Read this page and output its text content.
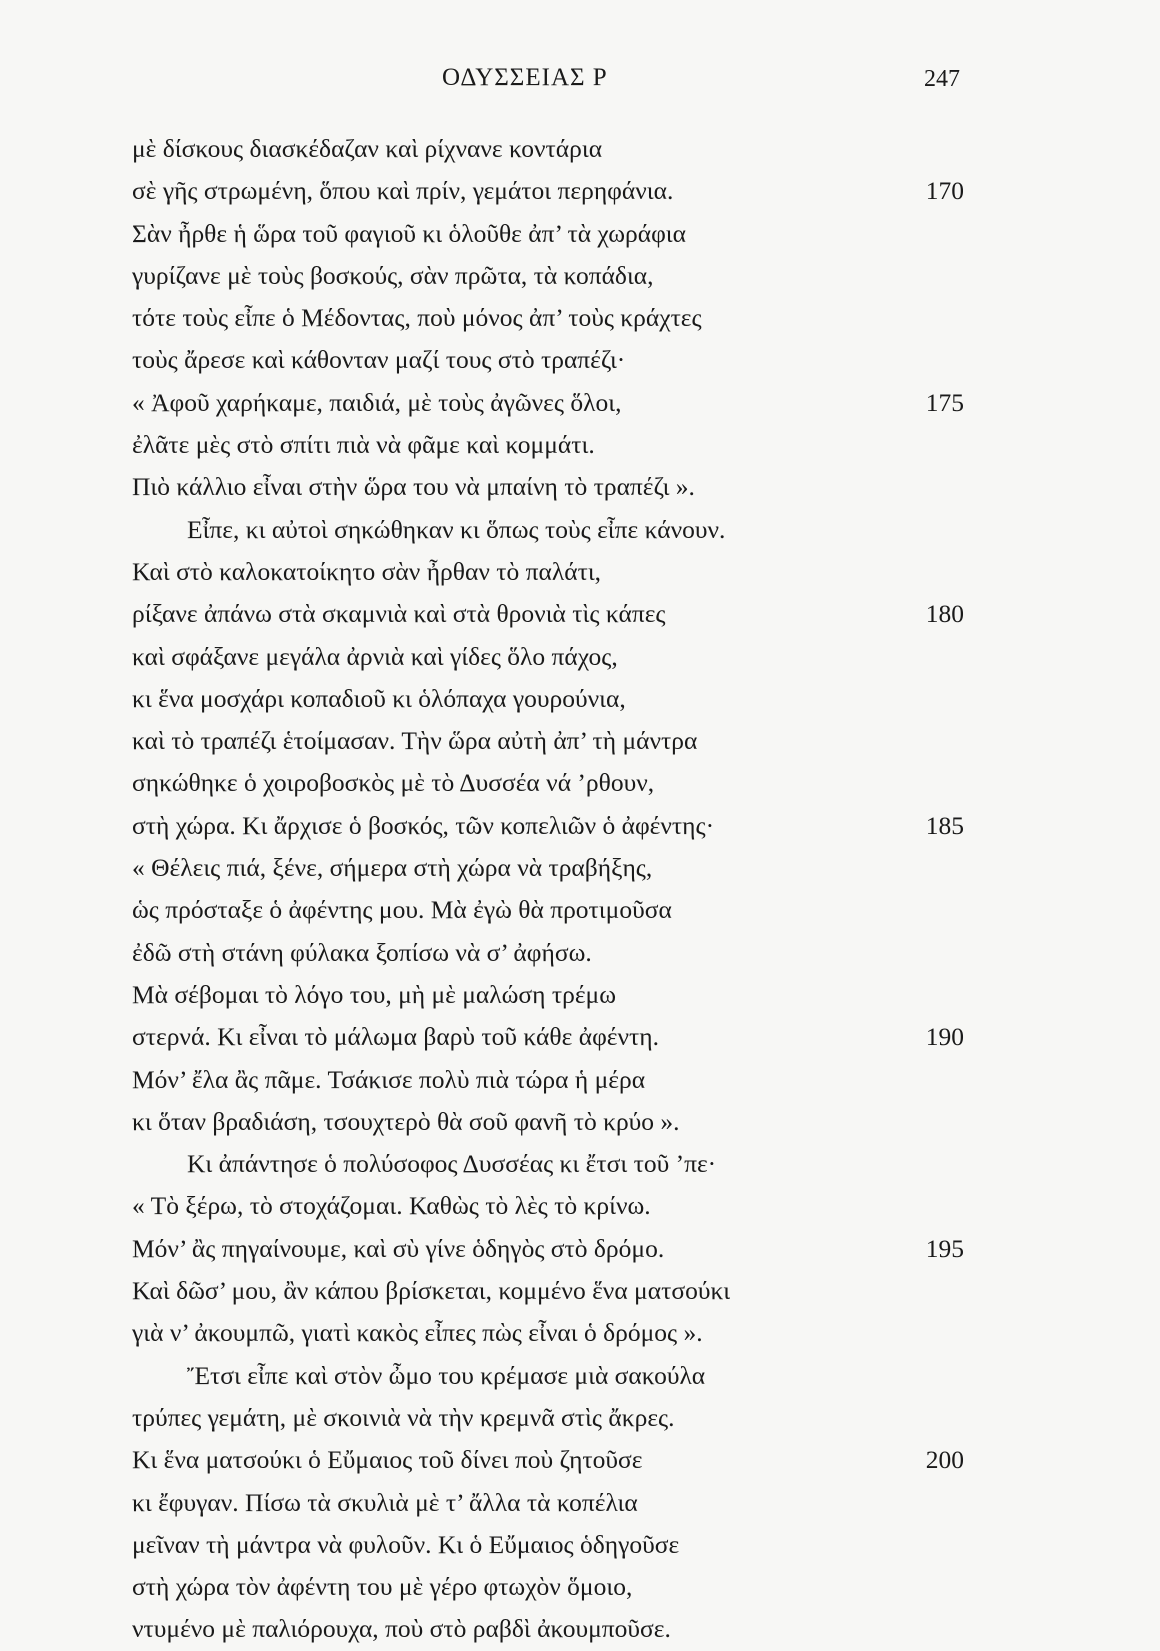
ΟΔΥΣΣΕΙΑΣ Ρ	247
μὲ δίσκους διασκέδαζαν καὶ ρίχνανε κοντάρια
σὲ γῆς στρωμένη, ὅπου καὶ πρίν, γεμάτοι περηφάνια.	170
Σὰν ἦρθε ἡ ὥρα τοῦ φαγιοῦ κι ὁλοῦθε ἀπ’ τὰ χωράφια
γυρίζανε μὲ τοὺς βοσκούς, σὰν πρῶτα, τὰ κοπάδια,
τότε τοὺς εἶπε ὁ Μέδοντας, ποὺ μόνος ἀπ’ τοὺς κράχτες
τοὺς ἄρεσε καὶ κάθονταν μαζί τους στὸ τραπέζι·
« Ἀφοῦ χαρήκαμε, παιδιά, μὲ τοὺς ἀγῶνες ὅλοι,	175
ἐλᾶτε μὲς στὸ σπίτι πιὰ νὰ φᾶμε καὶ κομμάτι.
Πιὸ κάλλιο εἶναι στὴν ὥρα του νὰ μπαίνη τὸ τραπέζι ».
Εἶπε, κι αὐτοὶ σηκώθηκαν κι ὅπως τοὺς εἶπε κάνουν.
Καὶ στὸ καλοκατοίκητο σὰν ἦρθαν τὸ παλάτι,
ρίξανε ἀπάνω στὰ σκαμνιὰ καὶ στὰ θρονιὰ τὶς κάπες	180
καὶ σφάξανε μεγάλα ἀρνιὰ καὶ γίδες ὅλο πάχος,
κι ἕνα μοσχάρι κοπαδιοῦ κι ὁλόπαχα γουρούνια,
καὶ τὸ τραπέζι ἑτοίμασαν. Τὴν ὥρα αὐτὴ ἀπ’ τὴ μάντρα
σηκώθηκε ὁ χοιροβοσκὸς μὲ τὸ Δυσσέα νά ’ρθουν,
στὴ χώρα. Κι ἄρχισε ὁ βοσκός, τῶν κοπελιῶν ὁ ἀφέντης·	185
« Θέλεις πιά, ξένε, σήμερα στὴ χώρα νὰ τραβήξης,
ὡς πρόσταξε ὁ ἀφέντης μου. Μὰ ἐγὼ θὰ προτιμοῦσα
ἐδῶ στὴ στάνη φύλακα ξοπίσω νὰ σ’ ἀφήσω.
Μὰ σέβομαι τὸ λόγο του, μὴ μὲ μαλώση τρέμω
στερνά. Κι εἶναι τὸ μάλωμα βαρὺ τοῦ κάθε ἀφέντη.	190
Μόν’ ἔλα ἂς πᾶμε. Τσάκισε πολὺ πιὰ τώρα ἡ μέρα
κι ὅταν βραδιάση, τσουχτερὸ θὰ σοῦ φανῆ τὸ κρύο ».
Κι ἀπάντησε ὁ πολύσοφος Δυσσέας κι ἔτσι τοῦ ’πε·
« Τὸ ξέρω, τὸ στοχάζομαι. Καθὼς τὸ λὲς τὸ κρίνω.
Μόν’ ἂς πηγαίνουμε, καὶ σὺ γίνε ὁδηγὸς στὸ δρόμο.	195
Καὶ δῶσ’ μου, ἂν κάπου βρίσκεται, κομμένο ἕνα ματσούκι
γιὰ ν’ ἀκουμπῶ, γιατὶ κακὸς εἶπες πὼς εἶναι ὁ δρόμος ».
Ἔτσι εἶπε καὶ στὸν ὦμο του κρέμασε μιὰ σακούλα
τρύπες γεμάτη, μὲ σκοινιὰ νὰ τὴν κρεμνᾶ στὶς ἄκρες.
Κι ἕνα ματσούκι ὁ Εὔμαιος τοῦ δίνει ποὺ ζητοῦσε	200
κι ἔφυγαν. Πίσω τὰ σκυλιὰ μὲ τ’ ἄλλα τὰ κοπέλια
μεῖναν τὴ μάντρα νὰ φυλοῦν. Κι ὁ Εὔμαιος ὁδηγοῦσε
στὴ χώρα τὸν ἀφέντη του μὲ γέρο φτωχὸν ὅμοιο,
ντυμένο μὲ παλιόρουχα, ποὺ στὸ ραβδὶ ἀκουμποῦσε.
